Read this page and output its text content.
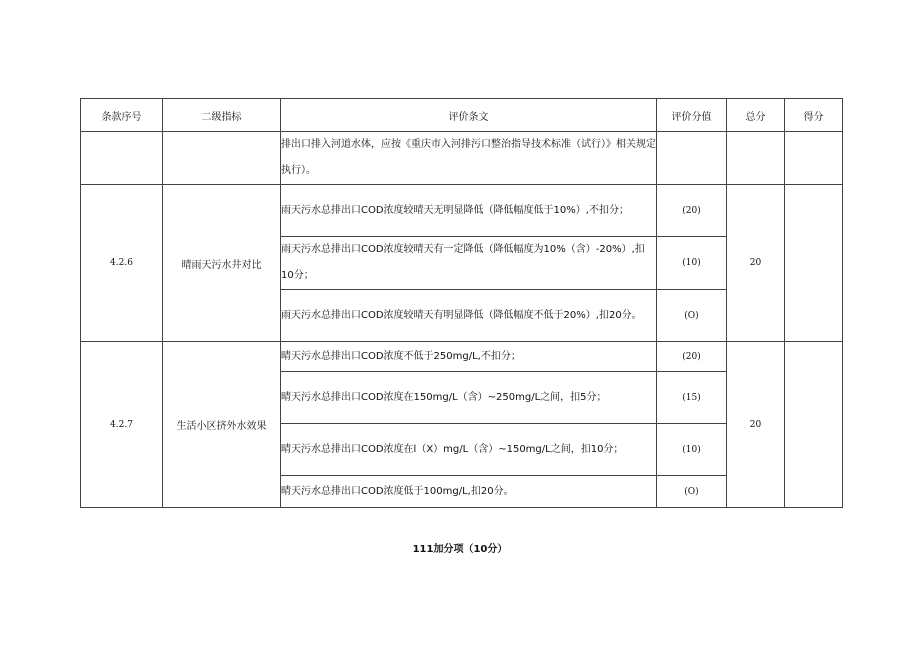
条款序号	二级指标	评价条文	评价分值	总分	得分
		排出口排入河道水体，应按《重庆市入河排污口整治指导技术标准（试行）》相关规定执行）。			
4.2.6	晴雨天污水井对比	雨天污水总排出口COD浓度较晴天无明显降低（降低幅度低于10%）,不扣分；	(20)	20	
		雨天污水总排出口COD浓度较晴天有一定降低（降低幅度为10%（含）-20%）,扣10分；	(10)		
		雨天污水总排出口COD浓度较晴天有明显降低（降低幅度不低于20%）,扣20分。	(O)		
4.2.7	生活小区挤外水效果	晴天污水总排出口COD浓度不低于250mg/L,不扣分；	(20)	20	
		晴天污水总排出口COD浓度在150mg/L（含）~250mg/L之间，扣5分；	(15)		
		晴天污水总排出口COD浓度在l（X）mg/L（含）~150mg/L之间，扣10分；	(10)		
		晴天污水总排出口COD浓度低于100mg/L,扣20分。	(O)		
111加分项（10分）
